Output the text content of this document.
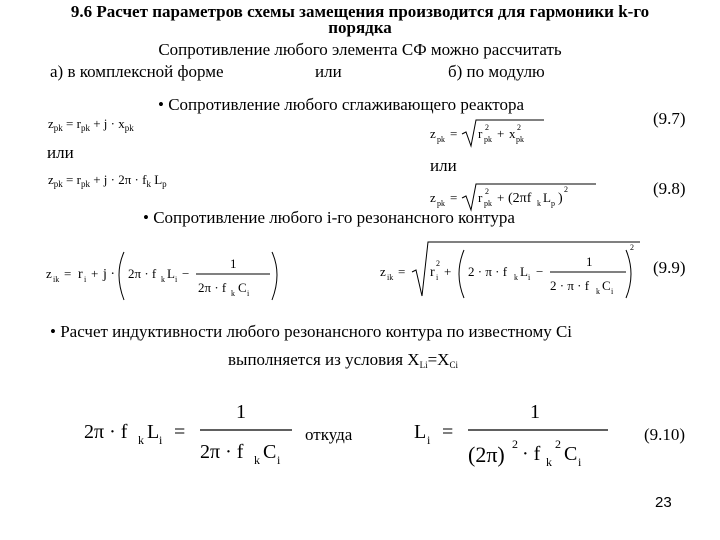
9.6 Расчет параметров схемы замещения производится для гармоники k-го
порядка
Сопротивление любого элемента СФ можно рассчитать
а) в комплексной форме	или	б) по модулю
• Сопротивление любого сглаживающего реактора
$z_{pk} = r_{pk} + j \cdot x_{pk}$
или
$z_{pk} = r_{pk} + j \cdot 2\pi \cdot f_k$ $L_p$
z pk = r pk
2 + x pk
2
или
z pk = r pk
2 + (2πf k L p )
2
(9.7)
(9.8)
• Сопротивление любого i-го резонансного контура
z ik = r i + j · 2π · f k L i −
1
2π · f k C i
z ik = r i
2
+ 2 · π · f k L i −
1
2 · π · f k C i
2
(9.9)
• Расчет индуктивности любого резонансного контура по известному Ci
выполняется из условия $X_{Li}=X_{Ci}$
2π · f k L i =
1
2π · f k C i
откуда	L i =
1
(2π) 2 · f k
2 C i
(9.10)
23
